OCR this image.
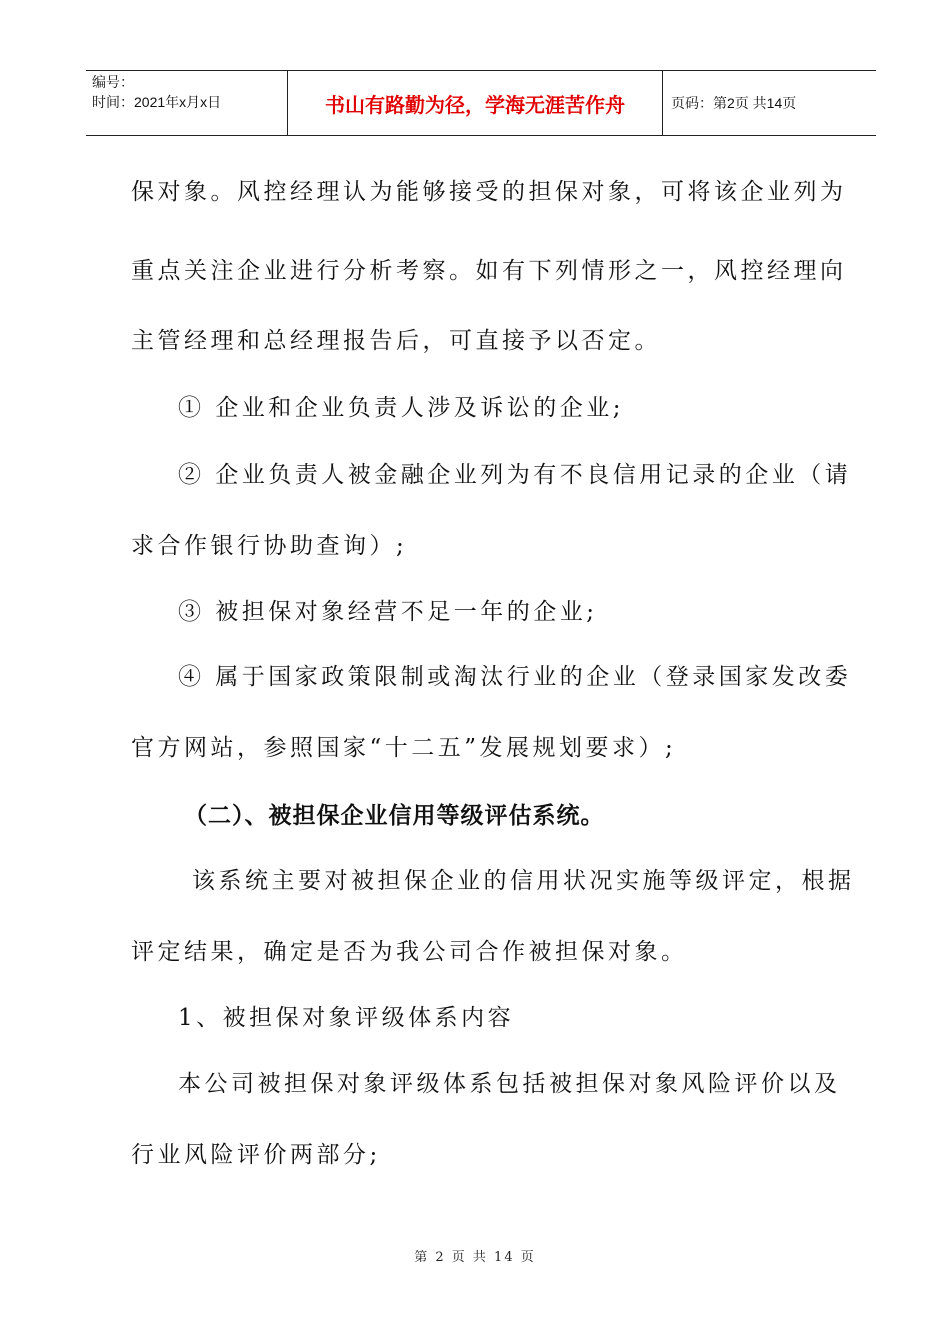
编号：
时间：2021年x月x日	书山有路勤为径，学海无涯苦作舟	页码：第2页 共14页
保对象。风控经理认为能够接受的担保对象，可将该企业列为
重点关注企业进行分析考察。如有下列情形之一，风控经理向
主管经理和总经理报告后，可直接予以否定。
① 企业和企业负责人涉及诉讼的企业;
② 企业负责人被金融企业列为有不良信用记录的企业（请
求合作银行协助查询）;
③ 被担保对象经营不足一年的企业;
④ 属于国家政策限制或淘汰行业的企业（登录国家发改委
官方网站，参照国家“十二五”发展规划要求）;
（二）、被担保企业信用等级评估系统。
该系统主要对被担保企业的信用状况实施等级评定，根据
评定结果，确定是否为我公司合作被担保对象。
1、被担保对象评级体系内容
本公司被担保对象评级体系包括被担保对象风险评价以及
行业风险评价两部分;
第 2 页 共 14 页
